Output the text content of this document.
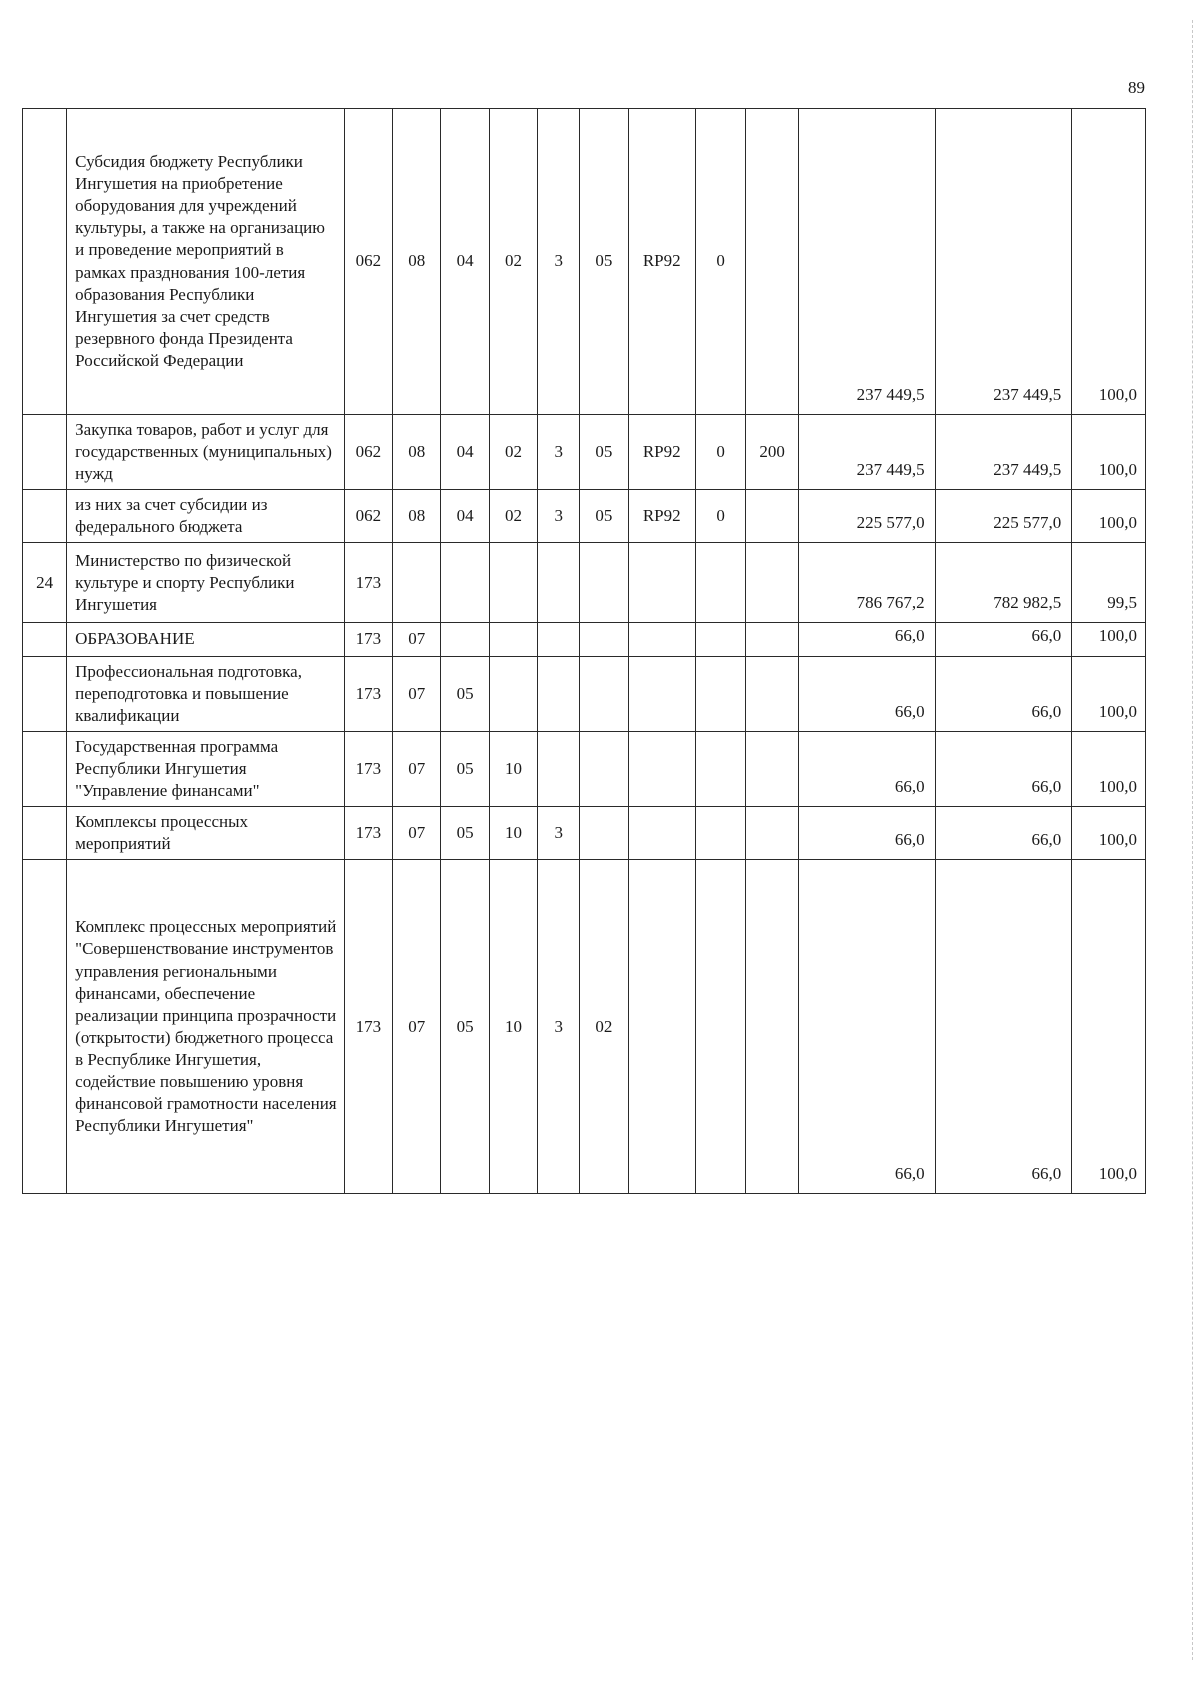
89
	Субсидия бюджету Республики Ингушетия на приобретение оборудования для учреждений культуры, а также на организацию и проведение мероприятий в рамках празднования 100-летия образования Республики Ингушетия за счет средств резервного фонда Президента Российской Федерации	062	08	04	02	3	05	RP92	0		237 449,5	237 449,5	100,0
	Закупка товаров, работ и услуг для государственных (муниципальных) нужд	062	08	04	02	3	05	RP92	0	200	237 449,5	237 449,5	100,0
	из них за счет субсидии из федерального бюджета	062	08	04	02	3	05	RP92	0		225 577,0	225 577,0	100,0
24	Министерство по физической культуре и спорту Республики Ингушетия	173									786 767,2	782 982,5	99,5
	ОБРАЗОВАНИЕ	173	07								66,0	66,0	100,0
	Профессиональная подготовка, переподготовка и повышение квалификации	173	07	05							66,0	66,0	100,0
	Государственная программа Республики Ингушетия "Управление финансами"	173	07	05	10						66,0	66,0	100,0
	Комплексы процессных мероприятий	173	07	05	10	3					66,0	66,0	100,0
	Комплекс процессных мероприятий "Совершенствование инструментов управления региональными финансами, обеспечение реализации принципа прозрачности (открытости) бюджетного процесса в Республике Ингушетия, содействие повышению уровня финансовой грамотности населения Республики Ингушетия"	173	07	05	10	3	02				66,0	66,0	100,0
